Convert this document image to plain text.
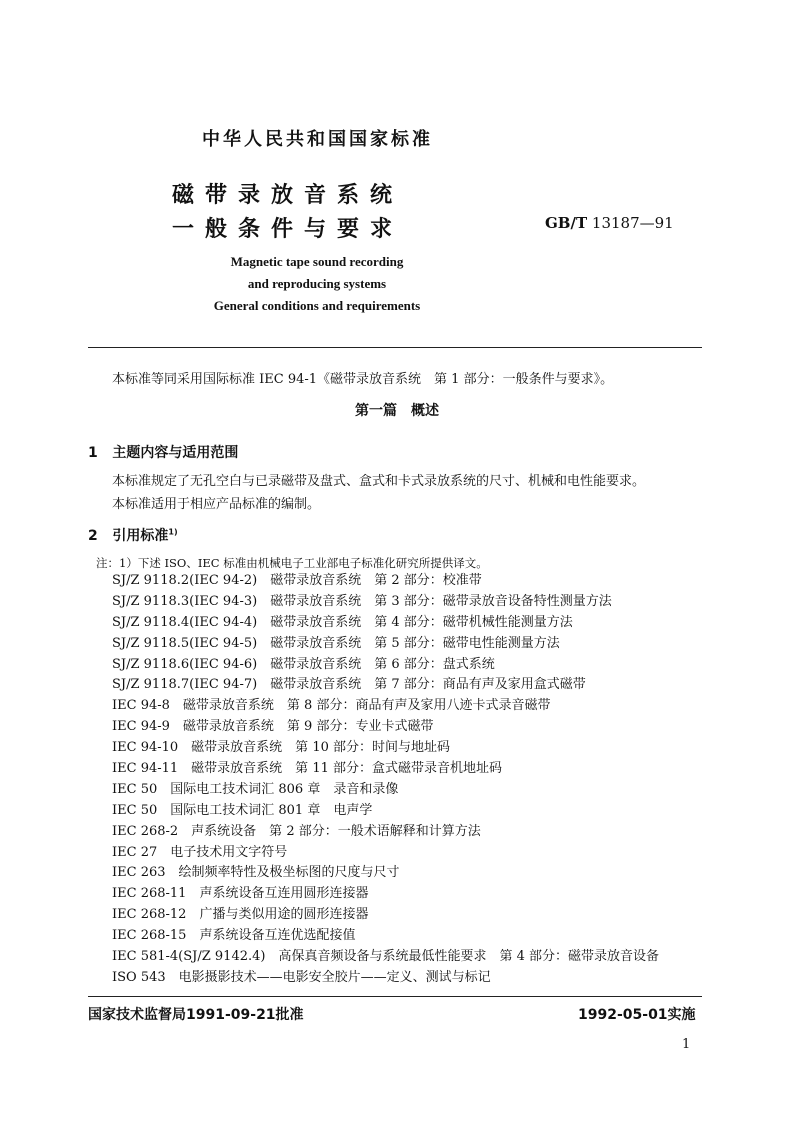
中华人民共和国国家标准
磁带录放音系统
一般条件与要求	GB/T 13187—91
Magnetic tape sound recording
and reproducing systems
General conditions and requirements
本标准等同采用国际标准 IEC 94-1《磁带录放音系统　第 1 部分：一般条件与要求》。
第一篇　概述
1 主题内容与适用范围
本标准规定了无孔空白与已录磁带及盘式、盒式和卡式录放系统的尺寸、机械和电性能要求。
本标准适用于相应产品标准的编制。
2 引用标准$^{1)}$
注：1）下述 ISO、IEC 标准由机械电子工业部电子标准化研究所提供译文。
SJ/Z 9118.2(IEC 94-2)　磁带录放音系统　第 2 部分：校准带
SJ/Z 9118.3(IEC 94-3)　磁带录放音系统　第 3 部分：磁带录放音设备特性测量方法
SJ/Z 9118.4(IEC 94-4)　磁带录放音系统　第 4 部分：磁带机械性能测量方法
SJ/Z 9118.5(IEC 94-5)　磁带录放音系统　第 5 部分：磁带电性能测量方法
SJ/Z 9118.6(IEC 94-6)　磁带录放音系统　第 6 部分：盘式系统
SJ/Z 9118.7(IEC 94-7)　磁带录放音系统　第 7 部分：商品有声及家用盒式磁带
IEC 94-8　磁带录放音系统　第 8 部分：商品有声及家用八迹卡式录音磁带
IEC 94-9　磁带录放音系统　第 9 部分：专业卡式磁带
IEC 94-10　磁带录放音系统　第 10 部分：时间与地址码
IEC 94-11　磁带录放音系统　第 11 部分：盒式磁带录音机地址码
IEC 50　国际电工技术词汇 806 章　录音和录像
IEC 50　国际电工技术词汇 801 章　电声学
IEC 268-2　声系统设备　第 2 部分：一般术语解释和计算方法
IEC 27　电子技术用文字符号
IEC 263　绘制频率特性及极坐标图的尺度与尺寸
IEC 268-11　声系统设备互连用圆形连接器
IEC 268-12　广播与类似用途的圆形连接器
IEC 268-15　声系统设备互连优选配接值
IEC 581-4(SJ/Z 9142.4)　高保真音频设备与系统最低性能要求　第 4 部分：磁带录放音设备
ISO 543　电影摄影技术——电影安全胶片——定义、测试与标记
国家技术监督局1991-09-21批准	1992-05-01实施
1
